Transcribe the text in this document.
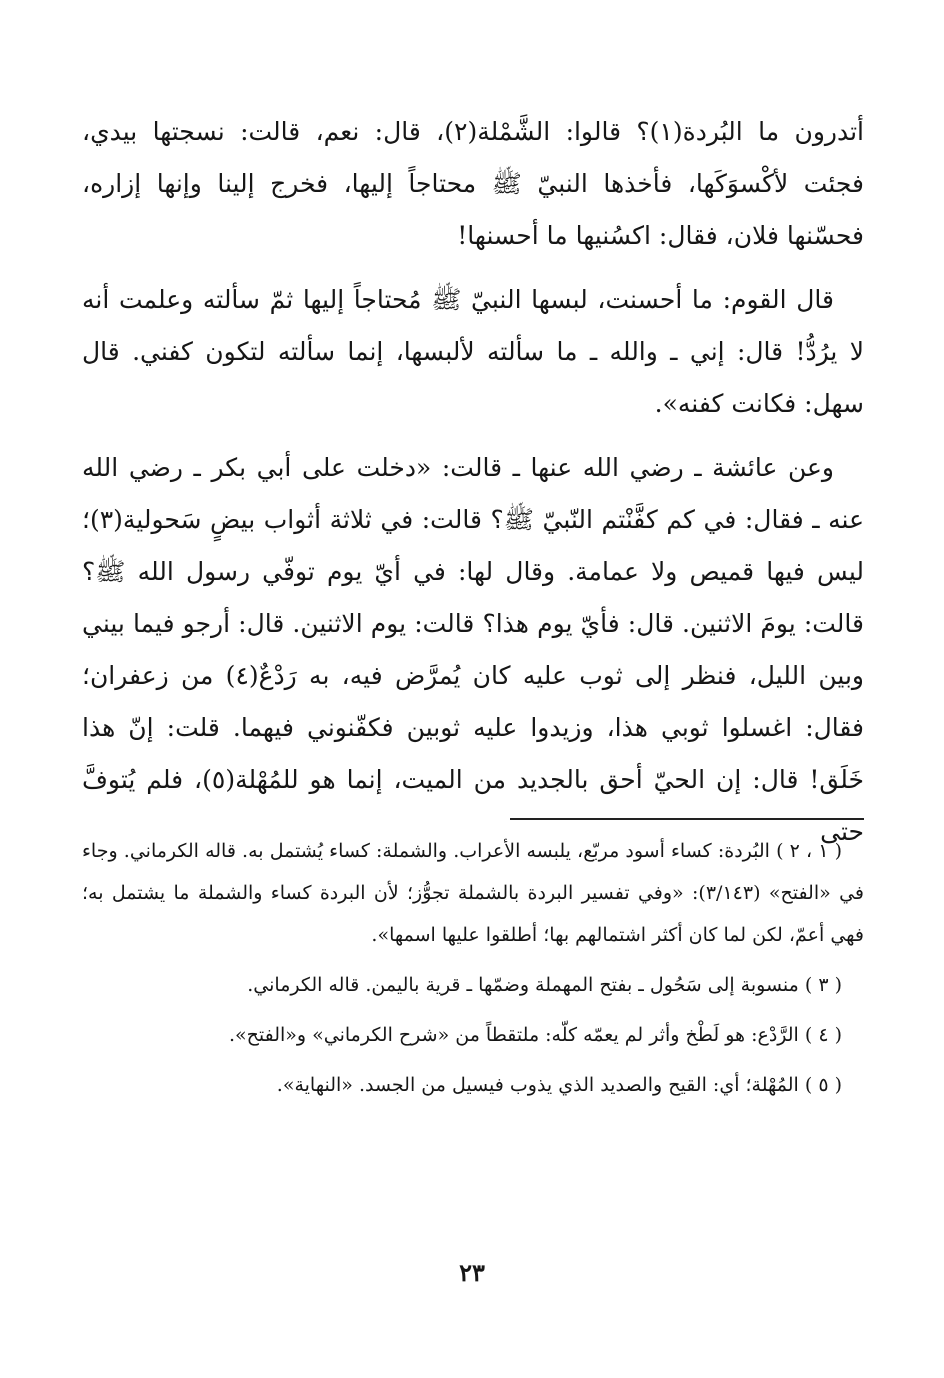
أتدرون ما البُردة(١)؟ قالوا: الشَّمْلة(٢)، قال: نعم، قالت: نسجتها بيدي، فجئت لأكْسوَكَها، فأخذها النبيّ ﷺ محتاجاً إليها، فخرج إلينا وإنها إزاره، فحسّنها فلان، فقال: اكسُنيها ما أحسنها!

قال القوم: ما أحسنت، لبسها النبيّ ﷺ مُحتاجاً إليها ثمّ سألته وعلمت أنه لا يرُدُّ! قال: إني ـ والله ـ ما سألته لألبسها، إنما سألته لتكون كفني. قال سهل: فكانت كفنه».

وعن عائشة ـ رضي الله عنها ـ قالت: «دخلت على أبي بكر ـ رضي الله عنه ـ فقال: في كم كفَّنْتم النّبيّ ﷺ؟ قالت: في ثلاثة أثواب بيضٍ سَحولية(٣)؛ ليس فيها قميص ولا عمامة. وقال لها: في أيّ يوم توفّي رسول الله ﷺ؟ قالت: يومَ الاثنين. قال: فأيّ يوم هذا؟ قالت: يوم الاثنين. قال: أرجو فيما بيني وبين الليل، فنظر إلى ثوب عليه كان يُمرَّض فيه، به رَدْعٌ(٤) من زعفران؛ فقال: اغسلوا ثوبي هذا، وزيدوا عليه ثوبين فكفّنوني فيهما. قلت: إنّ هذا خَلَق! قال: إن الحيّ أحق بالجديد من الميت، إنما هو للمُهْلة(٥)، فلم يُتوفَّ حتى

( ١ ، ٢ ) البُردة: كساء أسود مربّع، يلبسه الأعراب. والشملة: كساء يُشتمل به. قاله الكرماني. وجاء في «الفتح» (٣/١٤٣): «وفي تفسير البردة بالشملة تجوُّز؛ لأن البردة كساء والشملة ما يشتمل به؛ فهي أعمّ، لكن لما كان أكثر اشتمالهم بها؛ أطلقوا عليها اسمها».

( ٣ ) منسوبة إلى سَحُول ـ بفتح المهملة وضمّها ـ قرية باليمن. قاله الكرماني.

( ٤ ) الرَّدْع: هو لَطْخ وأثر لم يعمّه كلّه: ملتقطاً من «شرح الكرماني» و«الفتح».

( ٥ ) المُهْلة؛ أي: القيح والصديد الذي يذوب فيسيل من الجسد. «النهاية».

٢٣
